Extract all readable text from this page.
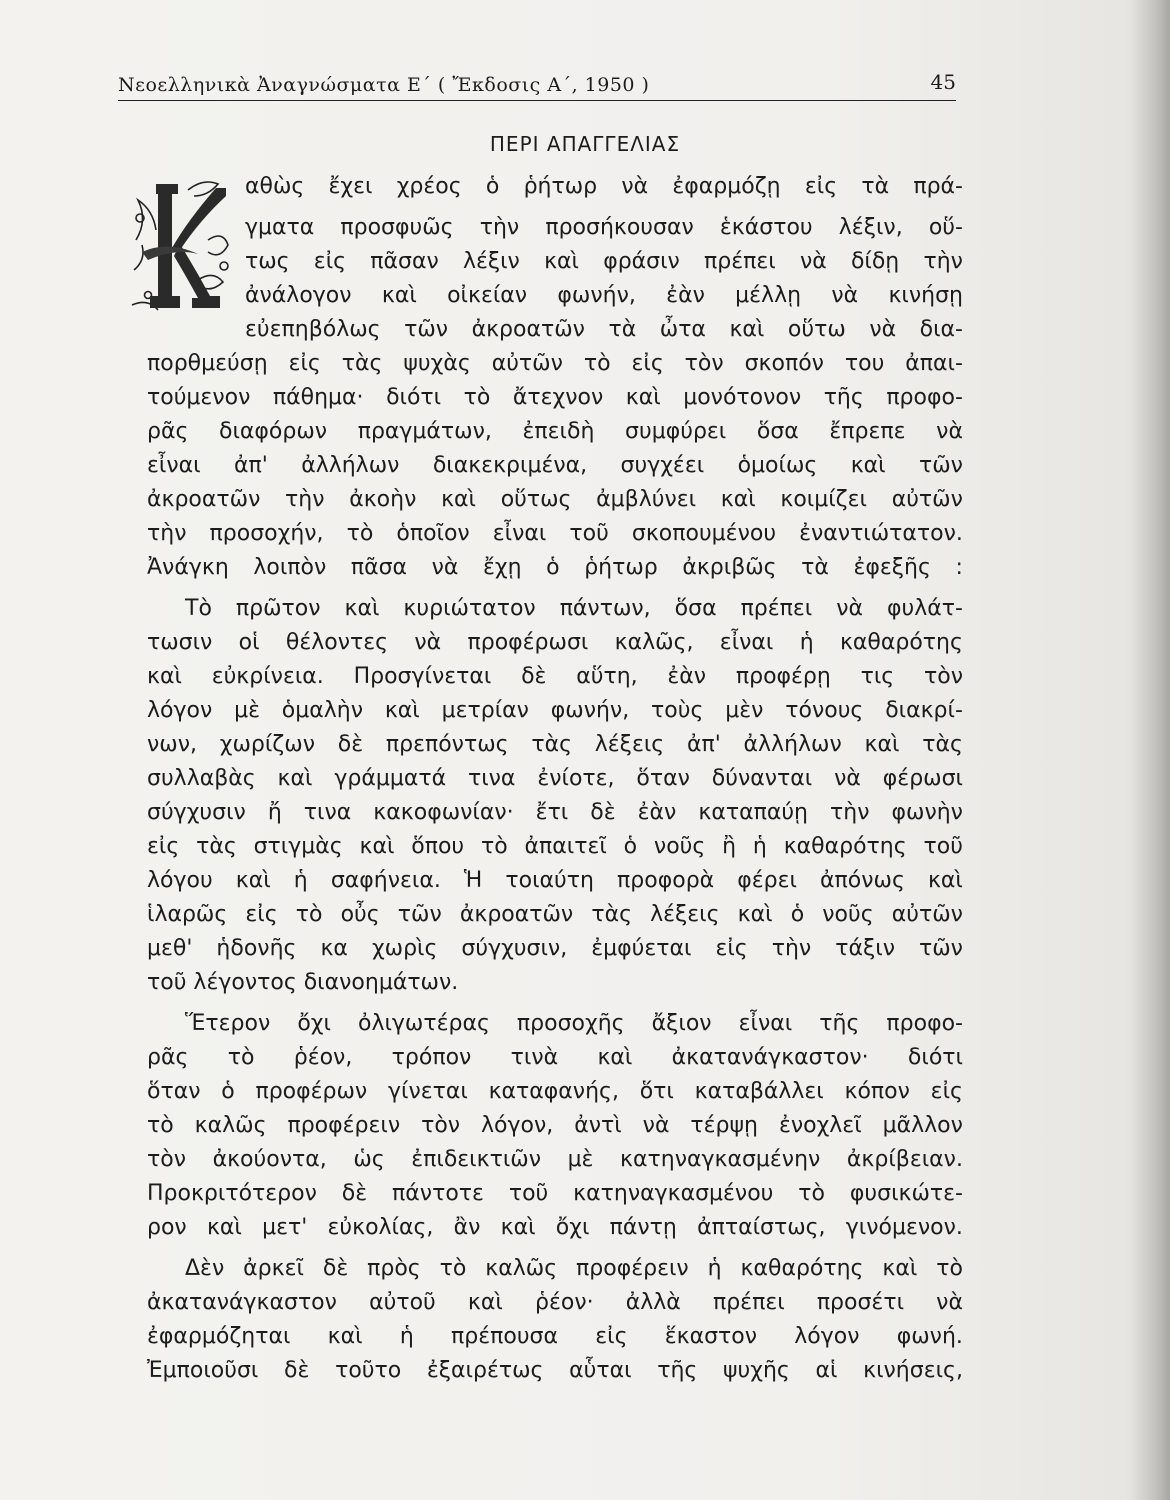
Νεοελληνικὰ Ἀναγνώσματα Ε΄ ( Ἔκδοσις Α΄, 1950 )	45
ΠΕΡΙ ΑΠΑΓΓΕΛΙΑΣ
αθὼς ἔχει χρέος ὁ ῥήτωρ νὰ ἐφαρμόζῃ εἰς τὰ πρά-
γματα προσφυῶς τὴν προσήκουσαν ἑκάστου λέξιν, οὕ-
τως εἰς πᾶσαν λέξιν καὶ φράσιν πρέπει νὰ δίδῃ τὴν
ἀνάλογον καὶ οἰκείαν φωνήν, ἐὰν μέλλῃ νὰ κινήσῃ
εὐεπηβόλως τῶν ἀκροατῶν τὰ ὦτα καὶ οὕτω νὰ δια-
πορθμεύσῃ εἰς τὰς ψυχὰς αὐτῶν τὸ εἰς τὸν σκοπόν του ἀπαι-
τούμενον πάθημα· διότι τὸ ἄτεχνον καὶ μονότονον τῆς προφο-
ρᾶς διαφόρων πραγμάτων, ἐπειδὴ συμφύρει ὅσα ἔπρεπε νὰ
εἶναι ἀπ' ἀλλήλων διακεκριμένα, συγχέει ὁμοίως καὶ τῶν
ἀκροατῶν τὴν ἀκοὴν καὶ οὕτως ἀμβλύνει καὶ κοιμίζει αὐτῶν
τὴν προσοχήν, τὸ ὁποῖον εἶναι τοῦ σκοπουμένου ἐναντιώτατον.
Ἀνάγκη λοιπὸν πᾶσα νὰ ἔχῃ ὁ ῥήτωρ ἀκριβῶς τὰ ἐφεξῆς :
Τὸ πρῶτον καὶ κυριώτατον πάντων, ὅσα πρέπει νὰ φυλάτ-
τωσιν οἱ θέλοντες νὰ προφέρωσι καλῶς, εἶναι ἡ καθαρότης
καὶ εὐκρίνεια. Προσγίνεται δὲ αὕτη, ἐὰν προφέρῃ τις τὸν
λόγον μὲ ὁμαλὴν καὶ μετρίαν φωνήν, τοὺς μὲν τόνους διακρί-
νων, χωρίζων δὲ πρεπόντως τὰς λέξεις ἀπ' ἀλλήλων καὶ τὰς
συλλαβὰς καὶ γράμματά τινα ἐνίοτε, ὅταν δύνανται νὰ φέρωσι
σύγχυσιν ἤ τινα κακοφωνίαν· ἔτι δὲ ἐὰν καταπαύῃ τὴν φωνὴν
εἰς τὰς στιγμὰς καὶ ὅπου τὸ ἀπαιτεῖ ὁ νοῦς ἢ ἡ καθαρότης τοῦ
λόγου καὶ ἡ σαφήνεια. Ἡ τοιαύτη προφορὰ φέρει ἀπόνως καὶ
ἱλαρῶς εἰς τὸ οὖς τῶν ἀκροατῶν τὰς λέξεις καὶ ὁ νοῦς αὐτῶν
μεθ' ἡδονῆς κα χωρὶς σύγχυσιν, ἐμφύεται εἰς τὴν τάξιν τῶν
τοῦ λέγοντος διανοημάτων.
Ἕτερον ὄχι ὀλιγωτέρας προσοχῆς ἄξιον εἶναι τῆς προφο-
ρᾶς τὸ ῥέον, τρόπον τινὰ καὶ ἀκατανάγκαστον· διότι
ὅταν ὁ προφέρων γίνεται καταφανής, ὅτι καταβάλλει κόπον εἰς
τὸ καλῶς προφέρειν τὸν λόγον, ἀντὶ νὰ τέρψῃ ἐνοχλεῖ μᾶλλον
τὸν ἀκούοντα, ὡς ἐπιδεικτιῶν μὲ κατηναγκασμένην ἀκρίβειαν.
Προκριτότερον δὲ πάντοτε τοῦ κατηναγκασμένου τὸ φυσικώτε-
ρον καὶ μετ' εὐκολίας, ἂν καὶ ὄχι πάντῃ ἀπταίστως, γινόμενον.
Δὲν ἀρκεῖ δὲ πρὸς τὸ καλῶς προφέρειν ἡ καθαρότης καὶ τὸ
ἀκατανάγκαστον αὐτοῦ καὶ ῥέον· ἀλλὰ πρέπει προσέτι νὰ
ἐφαρμόζηται καὶ ἡ πρέπουσα εἰς ἕκαστον λόγον φωνή.
Ἐμποιοῦσι δὲ τοῦτο ἐξαιρέτως αὗται τῆς ψυχῆς αἱ κινήσεις,
